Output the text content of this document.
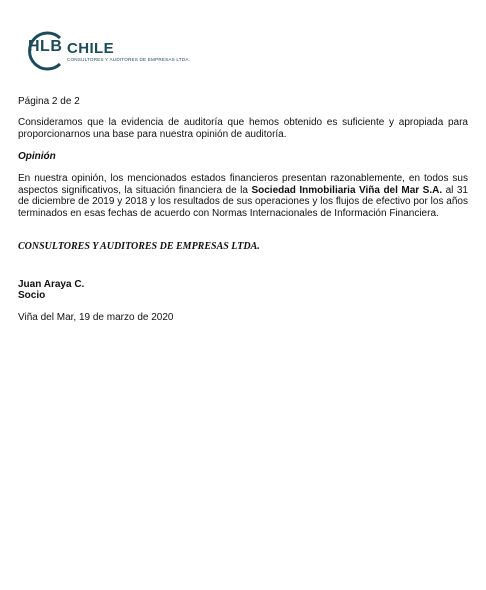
HLB CHILE
CONSULTORES Y AUDITORES DE EMPRESAS LTDA.
Página 2 de 2
Consideramos que la evidencia de auditoría que hemos obtenido es suficiente y apropiada para proporcionarnos una base para nuestra opinión de auditoría.
Opinión
En nuestra opinión, los mencionados estados financieros presentan razonablemente, en todos sus aspectos significativos, la situación financiera de la Sociedad Inmobiliaria Viña del Mar S.A. al 31 de diciembre de 2019 y 2018 y los resultados de sus operaciones y los flujos de efectivo por los años terminados en esas fechas de acuerdo con Normas Internacionales de Información Financiera.
CONSULTORES Y AUDITORES DE EMPRESAS LTDA.
Juan Araya C.
Socio
Viña del Mar, 19 de marzo de 2020
